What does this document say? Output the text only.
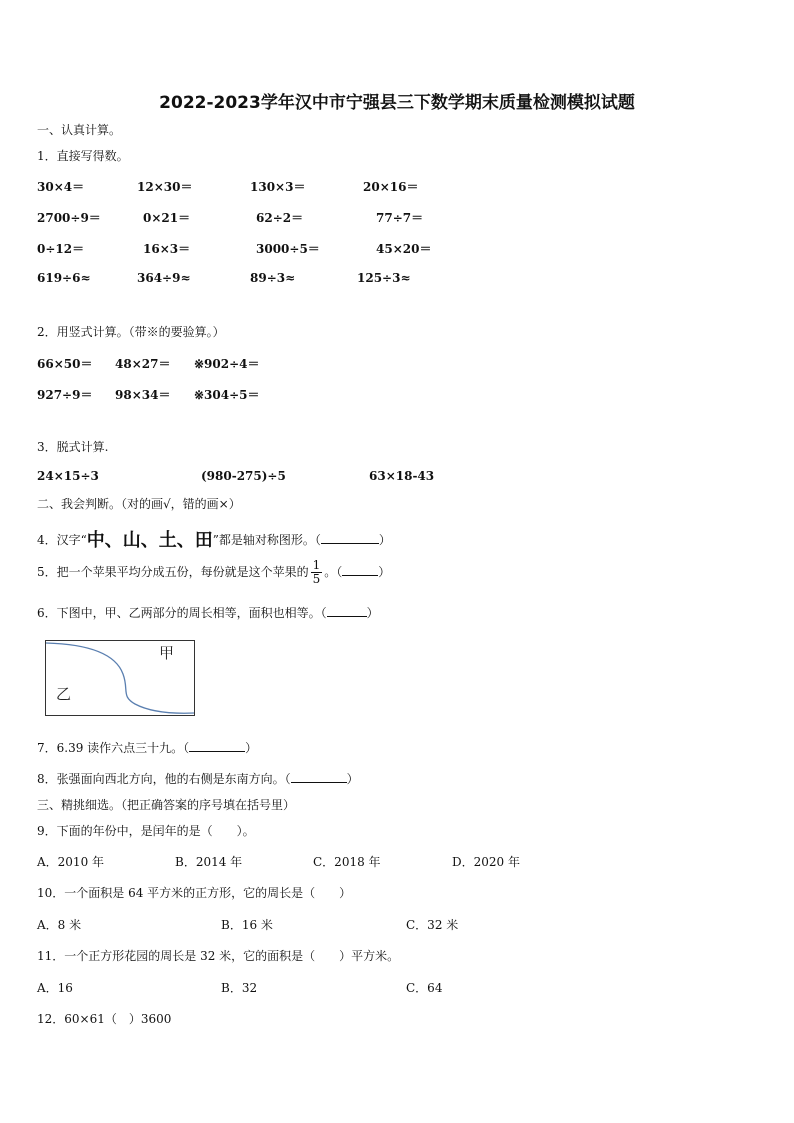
2022-2023学年汉中市宁强县三下数学期末质量检测模拟试题
一、认真计算。
1．直接写得数。
30×4＝	12×30＝	130×3＝	20×16＝
2700÷9＝	0×21＝	62÷2＝	77÷7＝
0÷12＝	16×3＝	3000÷5＝	45×20＝
619÷6≈	364÷9≈	89÷3≈	125÷3≈
2．用竖式计算。（带※的要验算。）
66×50＝ 48×27＝ ※902÷4＝
927÷9＝ 98×34＝ ※304÷5＝
3．脱式计算.
24×15÷3	(980-275)÷5	63×18-43
二、我会判断。（对的画√，错的画×）
4．汉字“中、山、土、田”都是轴对称图形。（	）
5．把一个苹果平均分成五份，每份就是这个苹果的 $\frac{1}{5}$ 。（	）
6．下图中，甲、乙两部分的周长相等，面积也相等。（	）
甲
乙
7．6.39 读作六点三十九。（	）
8．张强面向西北方向，他的右侧是东南方向。（	）
三、精挑细选。（把正确答案的序号填在括号里）
9．下面的年份中，是闰年的是（　　）。
A．2010 年	B．2014 年	C．2018 年	D．2020 年
10．一个面积是 64 平方米的正方形，它的周长是（　　）
A．8 米	B．16 米	C．32 米
11．一个正方形花园的周长是 32 米，它的面积是（　　）平方米。
A．16	B．32	C．64
12．60×61（　）3600
